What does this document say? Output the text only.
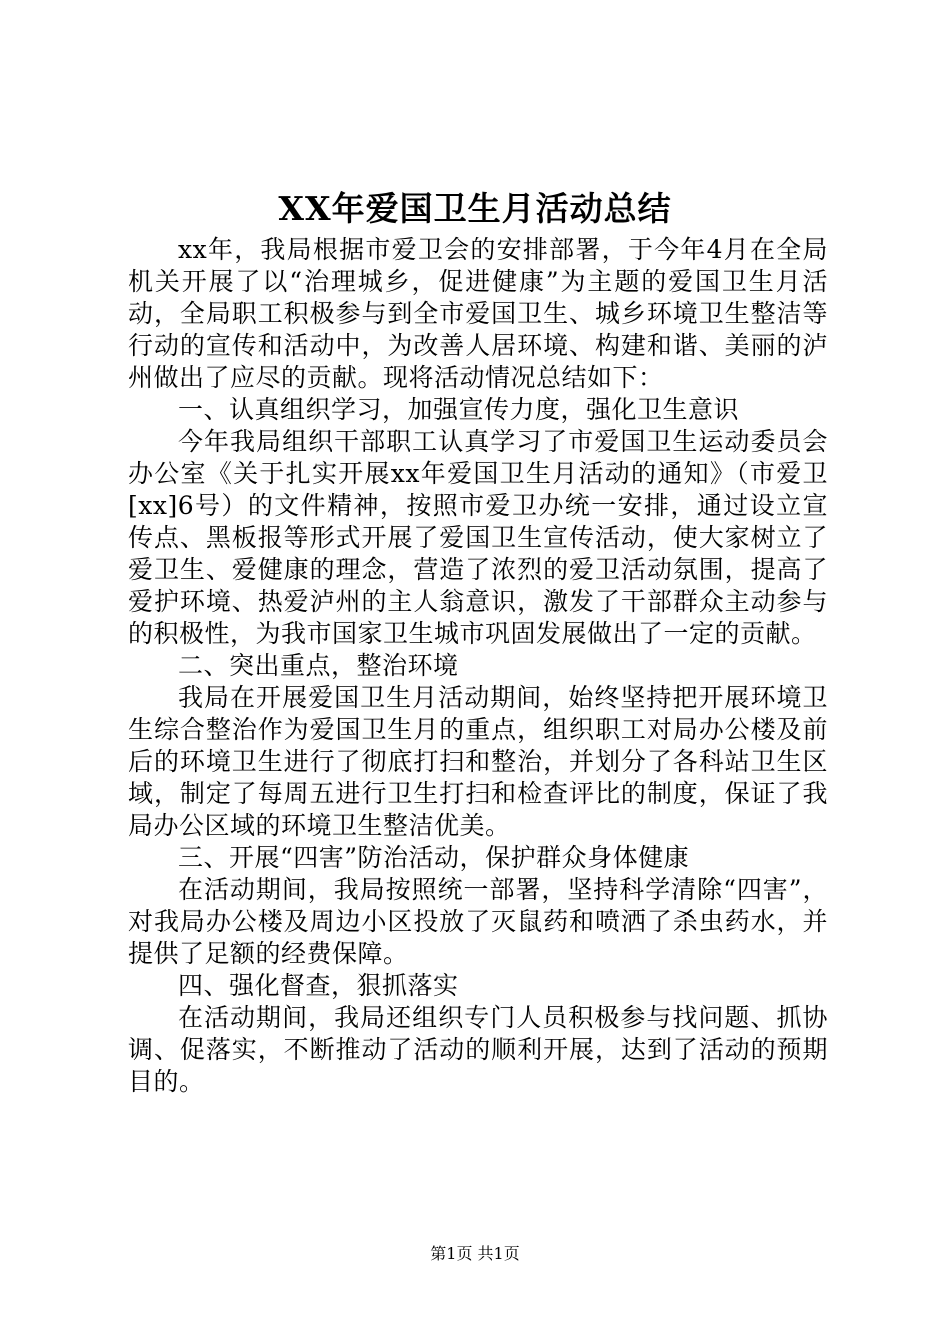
XX年爱国卫生月活动总结

xx年，我局根据市爱卫会的安排部署，于今年4月在全局机关开展了以“治理城乡，促进健康”为主题的爱国卫生月活动，全局职工积极参与到全市爱国卫生、城乡环境卫生整洁等行动的宣传和活动中，为改善人居环境、构建和谐、美丽的泸州做出了应尽的贡献。现将活动情况总结如下：

一、认真组织学习，加强宣传力度，强化卫生意识

今年我局组织干部职工认真学习了市爱国卫生运动委员会办公室《关于扎实开展xx年爱国卫生月活动的通知》（市爱卫[xx]6号）的文件精神，按照市爱卫办统一安排，通过设立宣传点、黑板报等形式开展了爱国卫生宣传活动，使大家树立了爱卫生、爱健康的理念，营造了浓烈的爱卫活动氛围，提高了爱护环境、热爱泸州的主人翁意识，激发了干部群众主动参与的积极性，为我市国家卫生城市巩固发展做出了一定的贡献。

二、突出重点，整治环境

我局在开展爱国卫生月活动期间，始终坚持把开展环境卫生综合整治作为爱国卫生月的重点，组织职工对局办公楼及前后的环境卫生进行了彻底打扫和整治，并划分了各科站卫生区域，制定了每周五进行卫生打扫和检查评比的制度，保证了我局办公区域的环境卫生整洁优美。

三、开展“四害”防治活动，保护群众身体健康

在活动期间，我局按照统一部署，坚持科学清除“四害”，对我局办公楼及周边小区投放了灭鼠药和喷洒了杀虫药水，并提供了足额的经费保障。

四、强化督查，狠抓落实

在活动期间，我局还组织专门人员积极参与找问题、抓协调、促落实，不断推动了活动的顺利开展，达到了活动的预期目的。

第1页 共1页
